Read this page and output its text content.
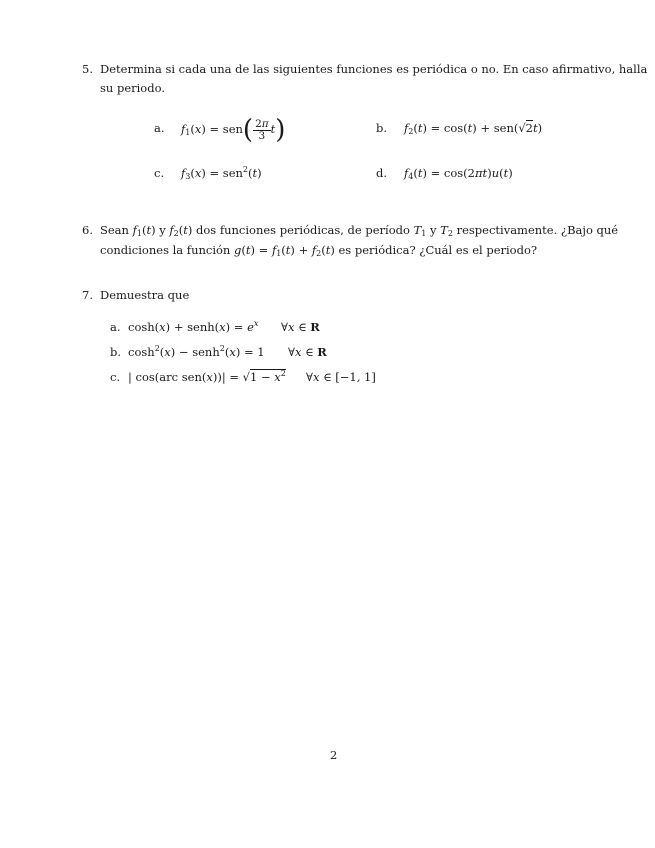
5. Determina si cada una de las siguientes funciones es periódica o no. En caso afirmativo, halla
su periodo.
a. $f_1(x) = sen( \frac{2\pi}{3} t)$	b. $f_2(t) = \cos(t) + sen(√2t)$
c. $f_3(x) = sen^2(t)$	d. $f_4(t) = \cos(2\pi t)u(t)$
6. Sean $f_1(t)$ y $f_2(t)$ dos funciones periódicas, de período $T_1$ y $T_2$ respectivamente. ¿Bajo qué
condiciones la función $g(t) = f_1(t) + f_2(t)$ es periódica? ¿Cuál es el periodo?
7. Demuestra que
a. cosh(x) + senh(x) = $e^x$ ∀x ∈ R
b. $\cosh^2(x)$ − senh$^2$(x) = 1 ∀x ∈ R
c. | cos(arc $sen(x))| = √1 - x^2$ ∀x ∈ [−1, 1]
2
